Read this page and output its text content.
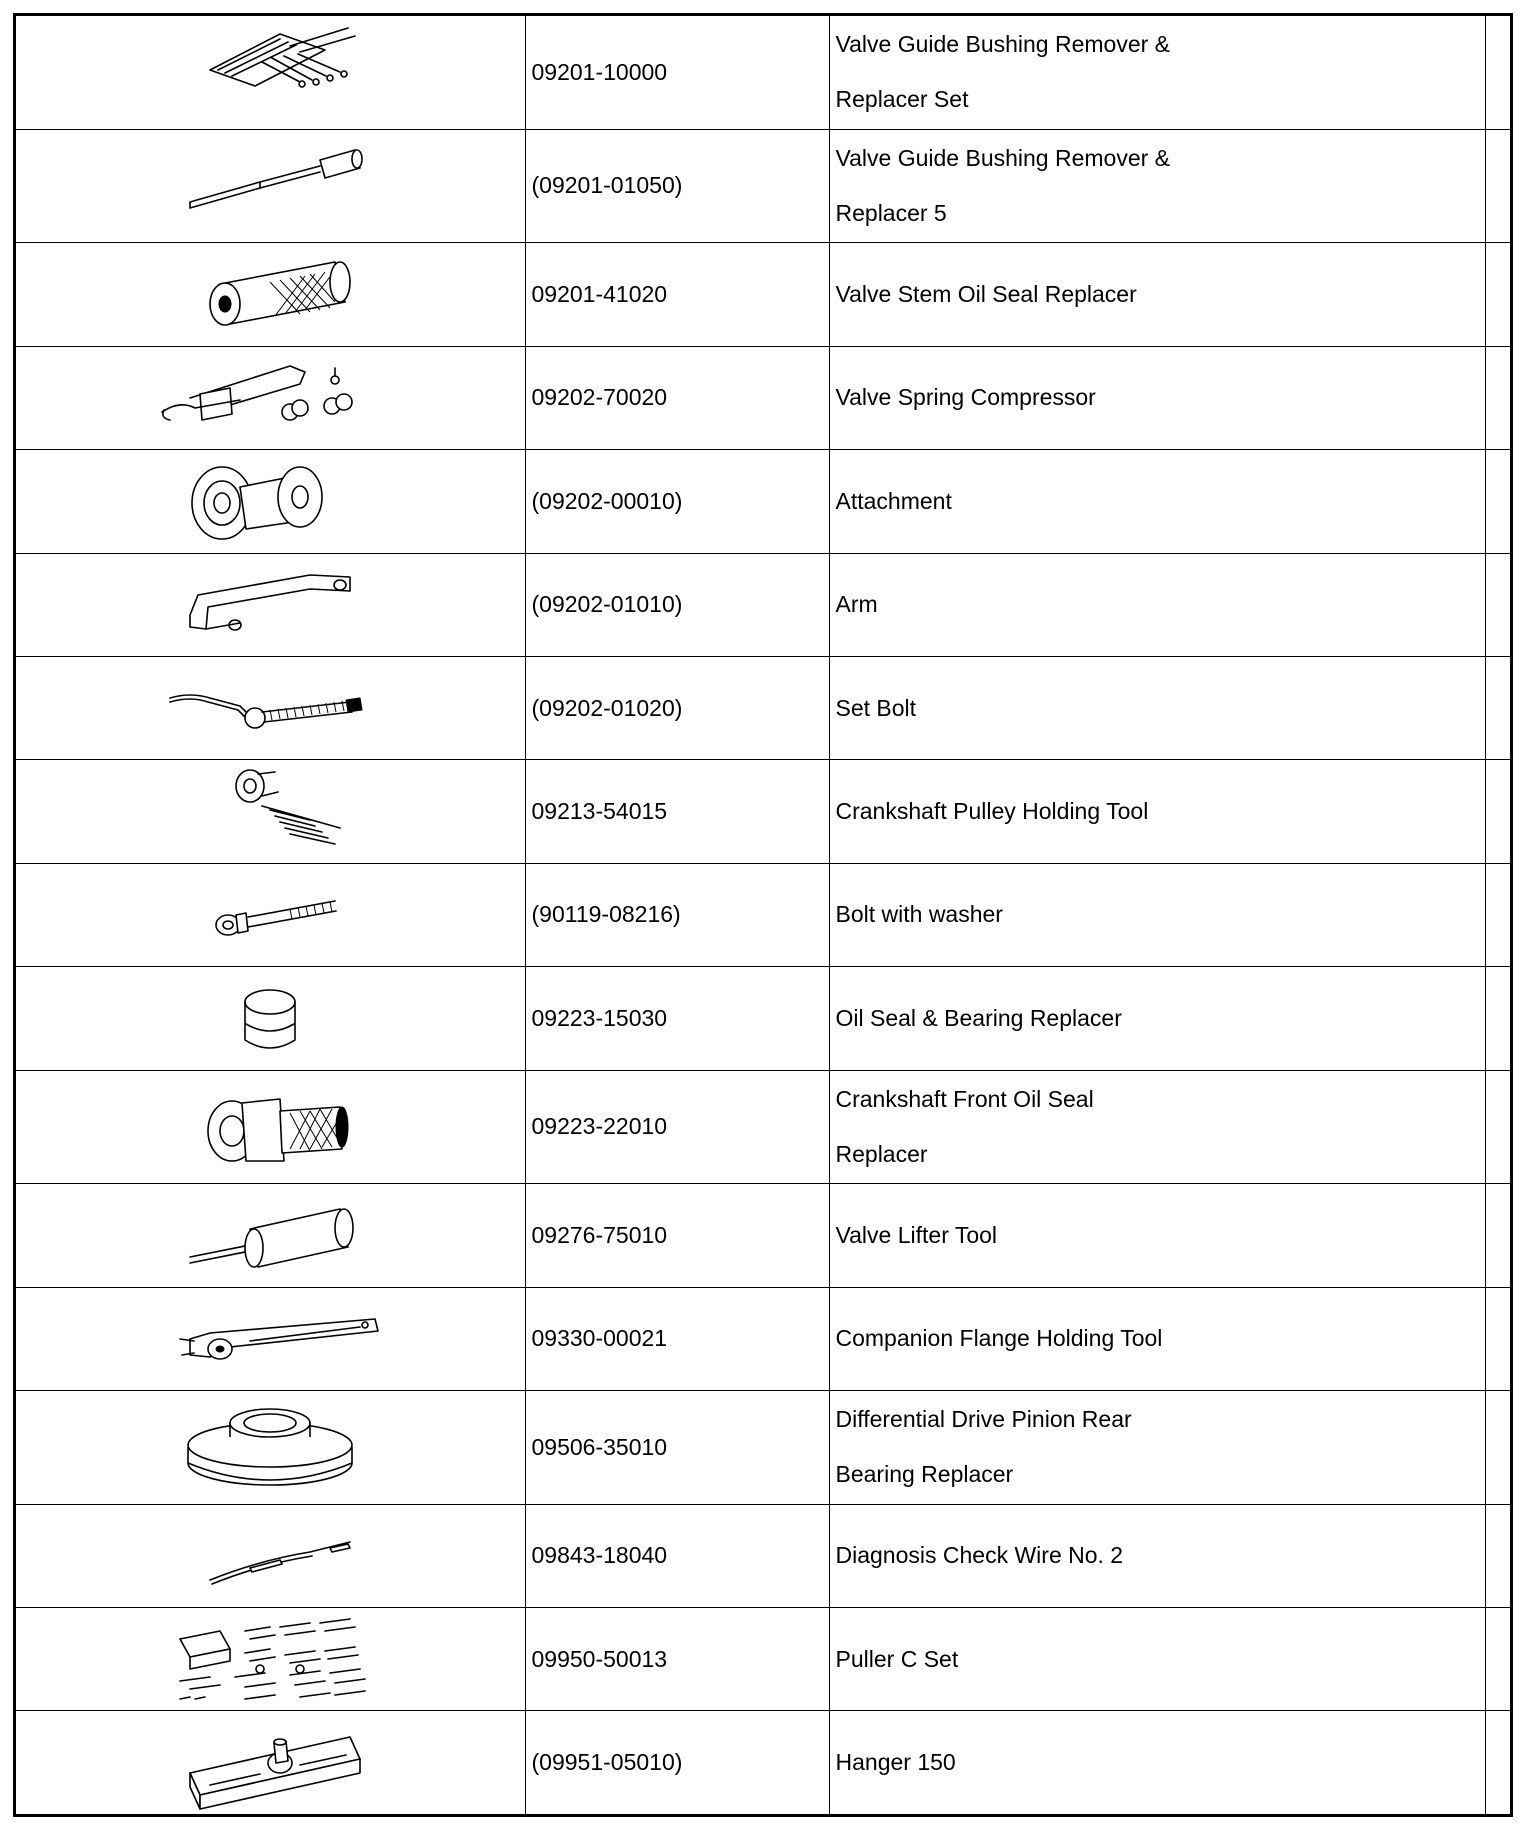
	09201-10000	Valve Guide Bushing Remover &
Replacer Set	

	(09201-01050)	Valve Guide Bushing Remover &
Replacer 5	

	09201-41020	Valve Stem Oil Seal Replacer	

	09202-70020	Valve Spring Compressor	

	(09202-00010)	Attachment	

	(09202-01010)	Arm	

	(09202-01020)	Set Bolt	

	09213-54015	Crankshaft Pulley Holding Tool	

	(90119-08216)	Bolt with washer	

	09223-15030	Oil Seal & Bearing Replacer	

	09223-22010	Crankshaft Front Oil Seal
Replacer	

	09276-75010	Valve Lifter Tool	

	09330-00021	Companion Flange Holding Tool	

	09506-35010	Differential Drive Pinion Rear
Bearing Replacer	

	09843-18040	Diagnosis Check Wire No. 2	

	09950-50013	Puller C Set	

	(09951-05010)	Hanger 150	
